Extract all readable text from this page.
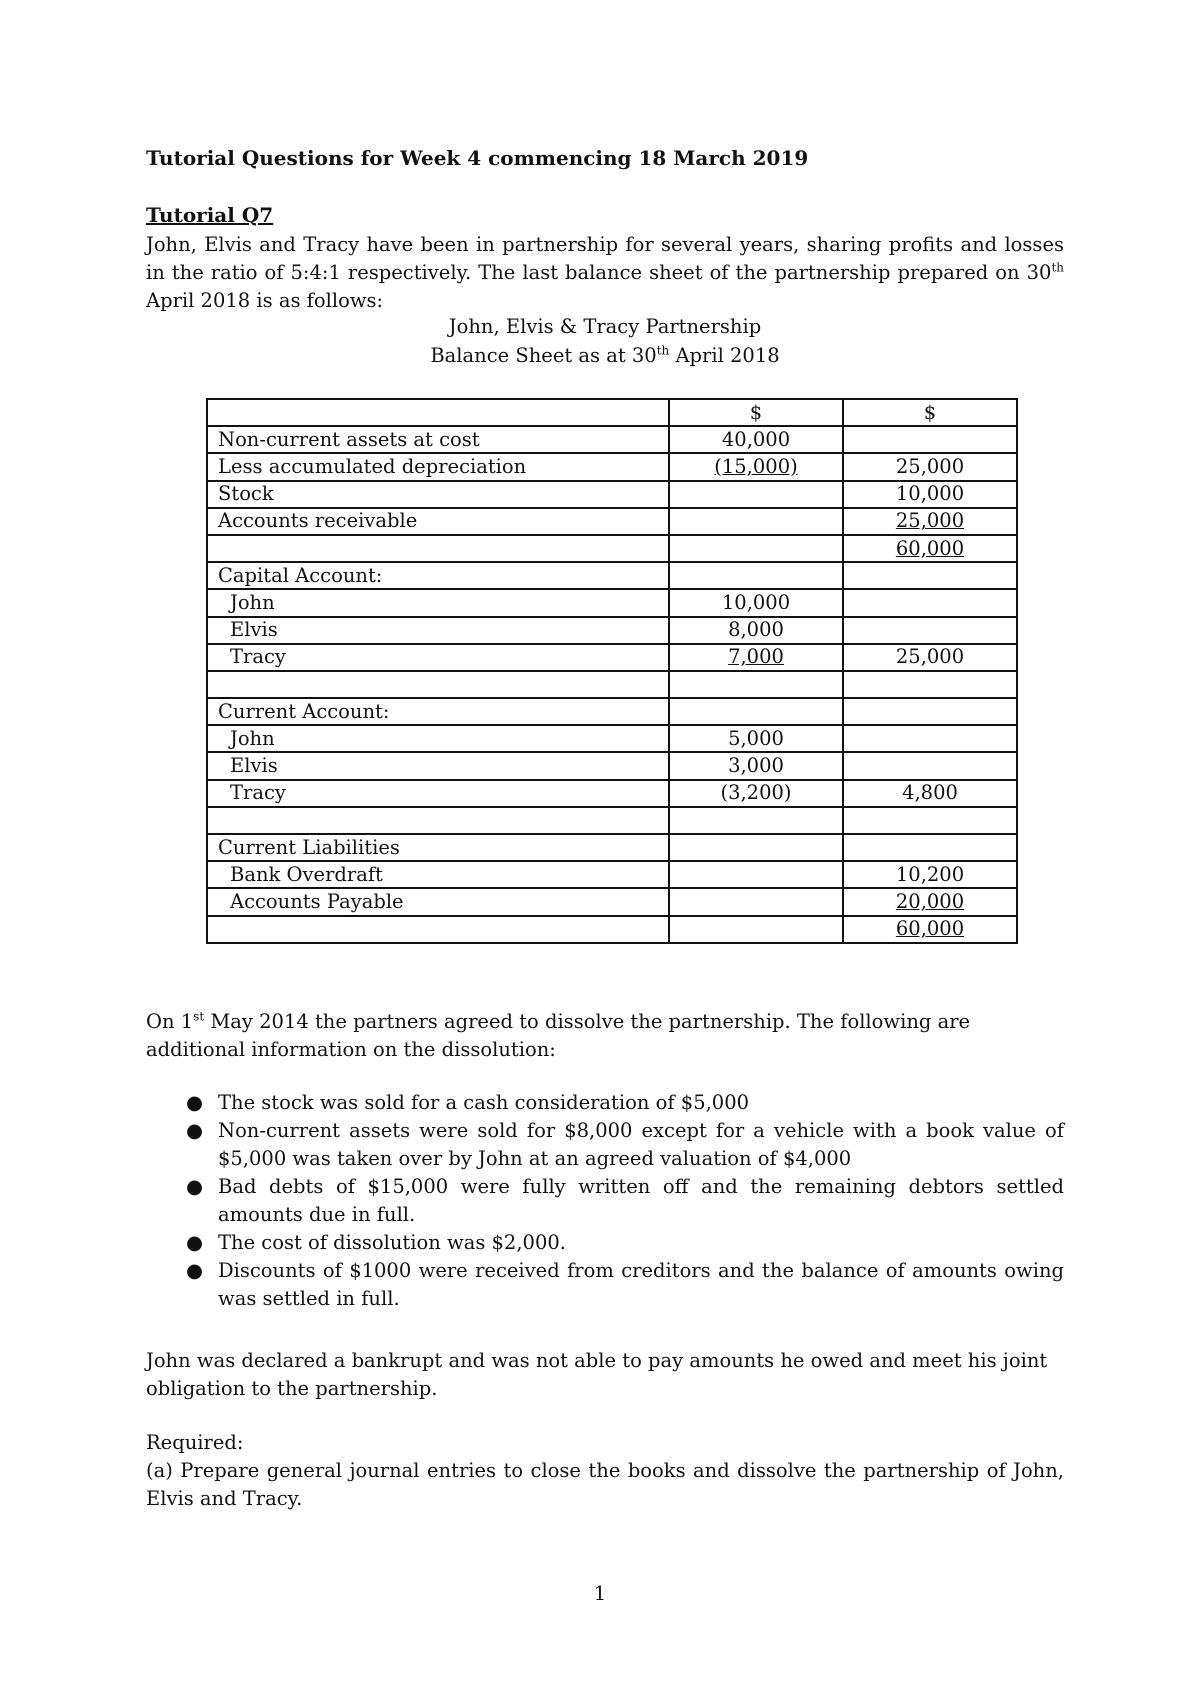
Tutorial Questions for Week 4 commencing 18 March 2019
Tutorial Q7
John, Elvis and Tracy have been in partnership for several years, sharing profits and losses in the ratio of 5:4:1 respectively. The last balance sheet of the partnership prepared on 30th April 2018 is as follows:
John, Elvis & Tracy Partnership
Balance Sheet as at 30th April 2018
	$	$
Non-current assets at cost	40,000	
Less accumulated depreciation	(15,000)	25,000
Stock		10,000
Accounts receivable		25,000
		60,000
Capital Account:		
John	10,000	
Elvis	8,000	
Tracy	7,000	25,000

Current Account:		
John	5,000	
Elvis	3,000	
Tracy	(3,200)	4,800

Current Liabilities		
Bank Overdraft		10,200
Accounts Payable		20,000
		60,000
On 1st May 2014 the partners agreed to dissolve the partnership. The following are additional information on the dissolution:
● The stock was sold for a cash consideration of $5,000
● Non-current assets were sold for $8,000 except for a vehicle with a book value of $5,000 was taken over by John at an agreed valuation of $4,000
● Bad debts of $15,000 were fully written off and the remaining debtors settled amounts due in full.
● The cost of dissolution was $2,000.
● Discounts of $1000 were received from creditors and the balance of amounts owing was settled in full.
John was declared a bankrupt and was not able to pay amounts he owed and meet his joint obligation to the partnership.
Required:
(a) Prepare general journal entries to close the books and dissolve the partnership of John, Elvis and Tracy.
1
